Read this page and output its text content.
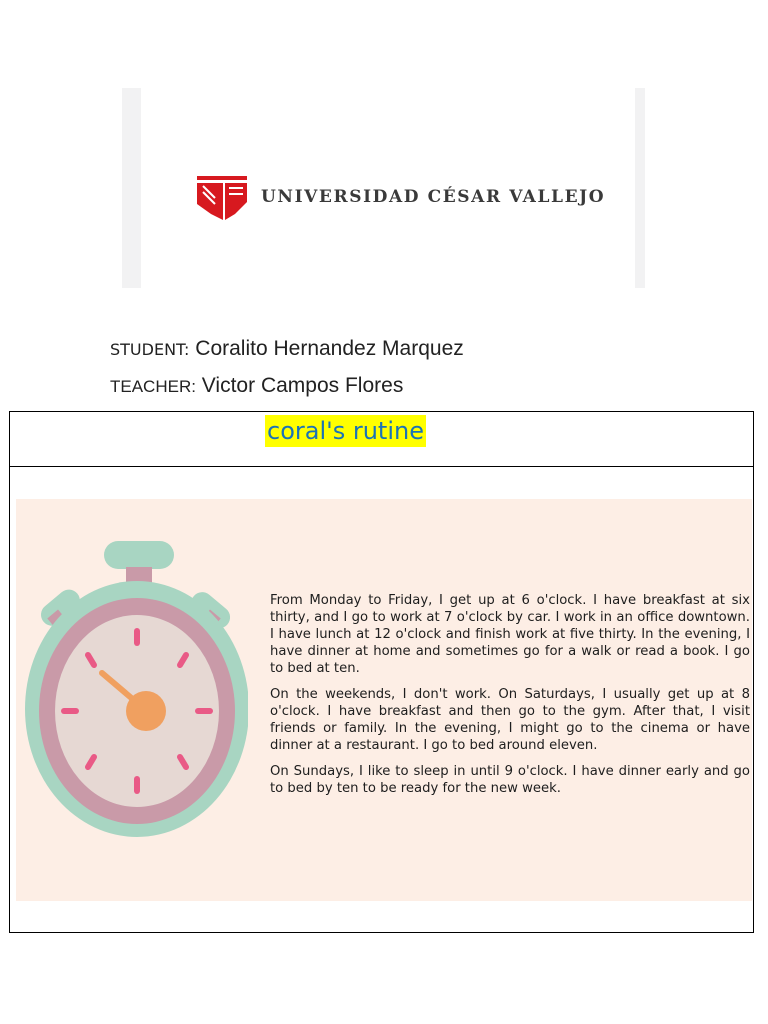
UNIVERSIDAD CÉSAR VALLEJO
STUDENT: Coralito Hernandez Marquez
TEACHER: Victor Campos Flores
coral's rutine

From Monday to Friday, I get up at 6 o'clock. I have breakfast at six thirty, and I go to work at 7 o'clock by car. I work in an office downtown. I have lunch at 12 o'clock and finish work at five thirty. In the evening, I have dinner at home and sometimes go for a walk or read a book. I go to bed at ten.

On the weekends, I don't work. On Saturdays, I usually get up at 8 o'clock. I have breakfast and then go to the gym. After that, I visit friends or family. In the evening, I might go to the cinema or have dinner at a restaurant. I go to bed around eleven.

On Sundays, I like to sleep in until 9 o'clock. I have dinner early and go to bed by ten to be ready for the new week.
